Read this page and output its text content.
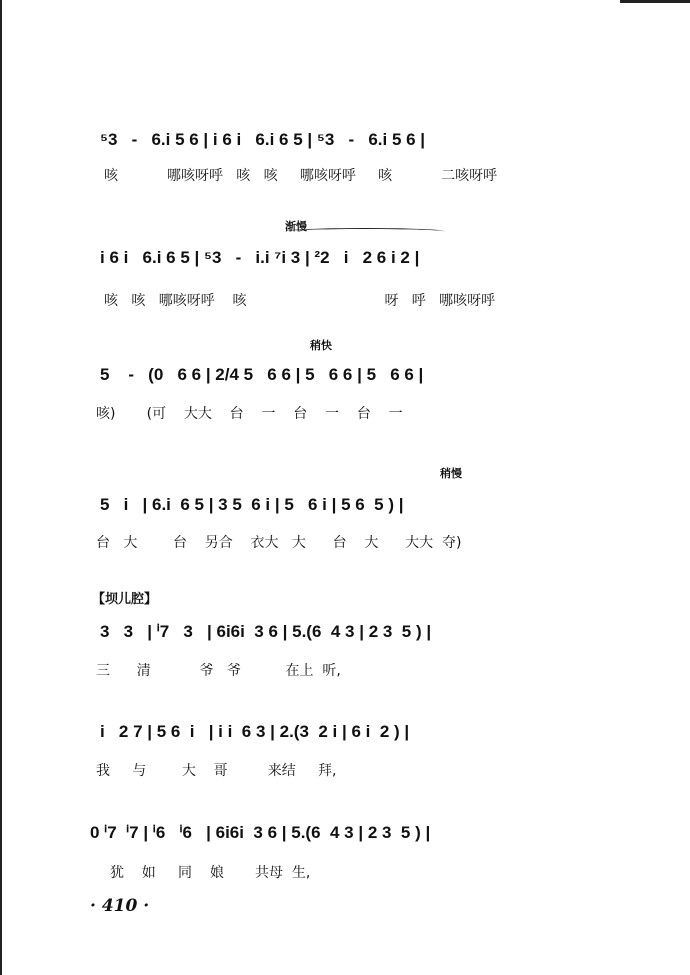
⁵3   -   6.i 5 6 | i 6 i   6.i 6 5 | ⁵3   -   6.i 5 6 |
咳           哪咳呀呼   咳   咳     哪咳呀呼     咳           二咳呀呼
渐慢
i 6 i   6.i 6 5 | ⁵3   -   i.i ⁷i 3 | ²2   i   2 6 i 2 |
咳   咳   哪咳呀呼    咳                               呀   呼   哪咳呀呼
稍快
5    -   (0   6 6 | 2/4 5   6 6 | 5   6 6 | 5   6 6 |
咳)       (可    大大    台    一    台    一    台    一
稍慢
5   i   | 6.i  6 5 | 3 5  6 i | 5   6 i | 5 6  5 ) |
台   大        台    另合    衣大   大      台    大      大大  夺)
【坝儿腔】
3   3   | ⁱ7   3   | 6i6i  3 6 | 5.(6  4 3 | 2 3  5 ) |
三      清           爷   爷          在上  听,
i   2 7 | 5 6  i   | i i  6 3 | 2.(3  2 i | 6 i  2 ) |
我     与        大    哥         来结     拜,
0 ⁱ7  ⁱ7 | ⁱ6   ⁱ6   | 6i6i  3 6 | 5.(6  4 3 | 2 3  5 ) |
犹    如     同    娘       共母  生,
· 410 ·
